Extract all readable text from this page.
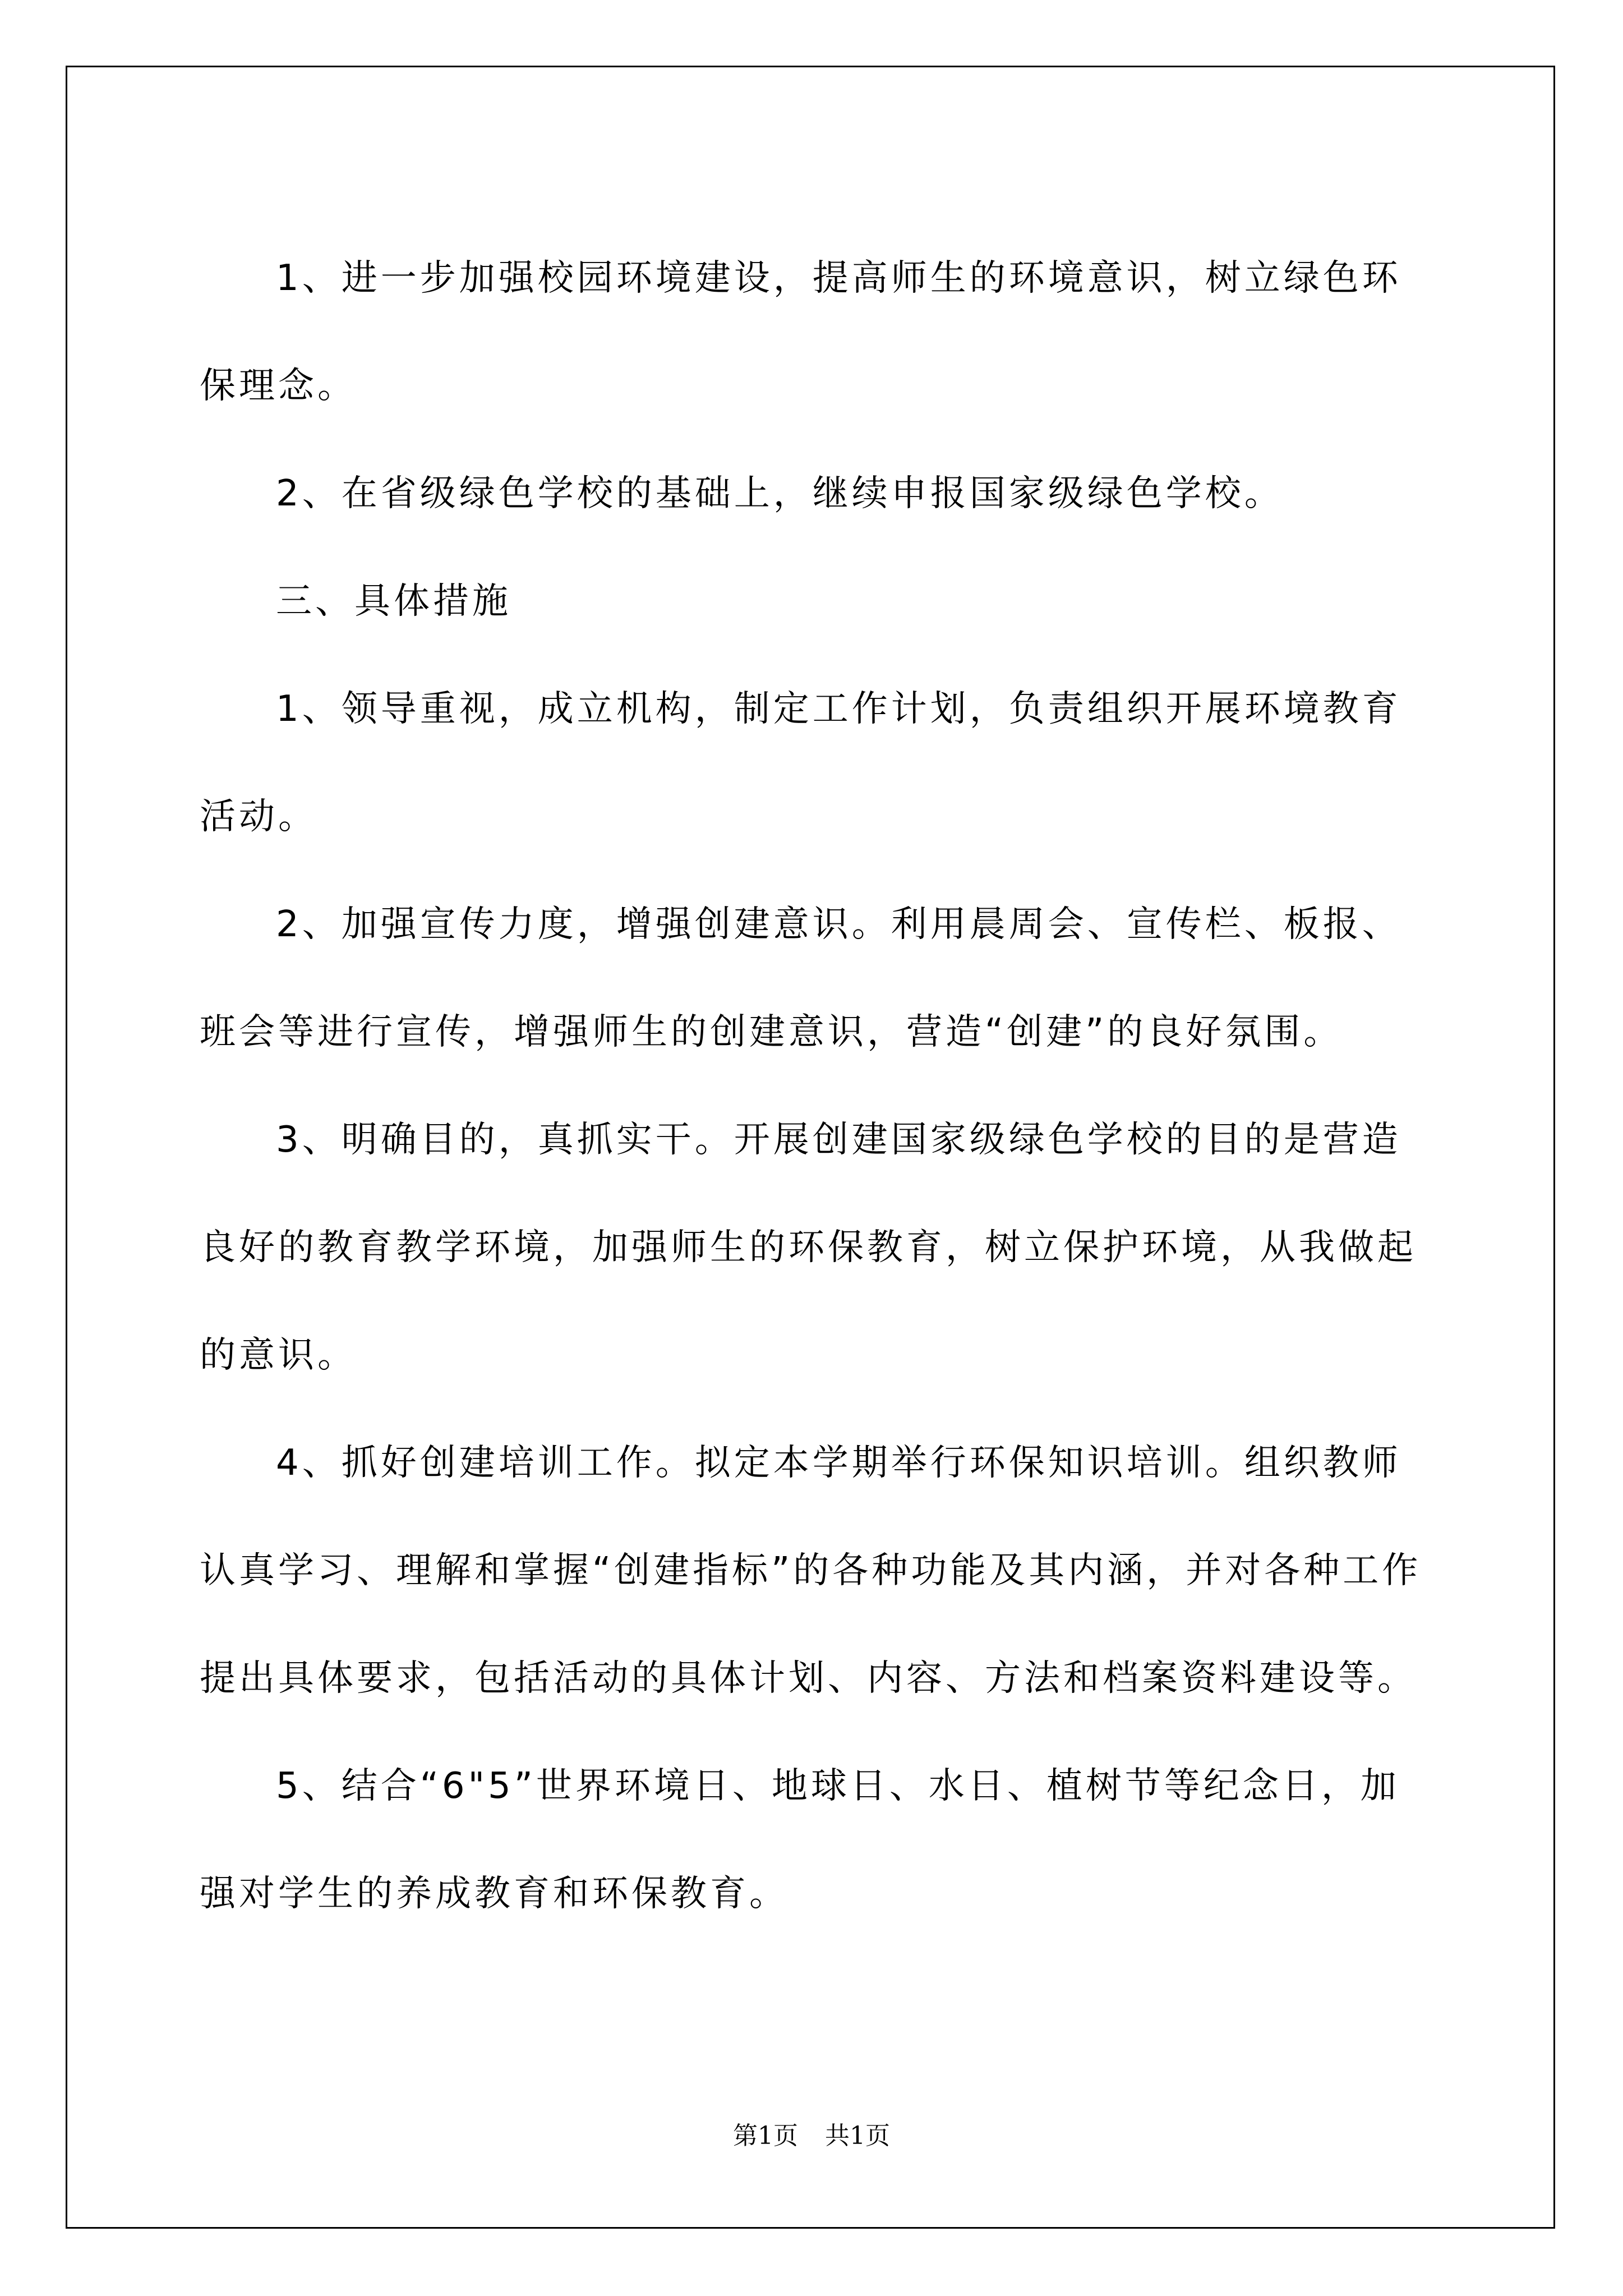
1、进一步加强校园环境建设，提高师生的环境意识，树立绿色环保理念。

2、在省级绿色学校的基础上，继续申报国家级绿色学校。

三、具体措施

1、领导重视，成立机构，制定工作计划，负责组织开展环境教育活动。

2、加强宣传力度，增强创建意识。利用晨周会、宣传栏、板报、班会等进行宣传，增强师生的创建意识，营造“创建”的良好氛围。

3、明确目的，真抓实干。开展创建国家级绿色学校的目的是营造良好的教育教学环境，加强师生的环保教育，树立保护环境，从我做起的意识。

4、抓好创建培训工作。拟定本学期举行环保知识培训。组织教师认真学习、理解和掌握“创建指标”的各种功能及其内涵，并对各种工作提出具体要求，包括活动的具体计划、内容、方法和档案资料建设等。

5、结合“6"5”世界环境日、地球日、水日、植树节等纪念日，加强对学生的养成教育和环保教育。

第1页 共1页
